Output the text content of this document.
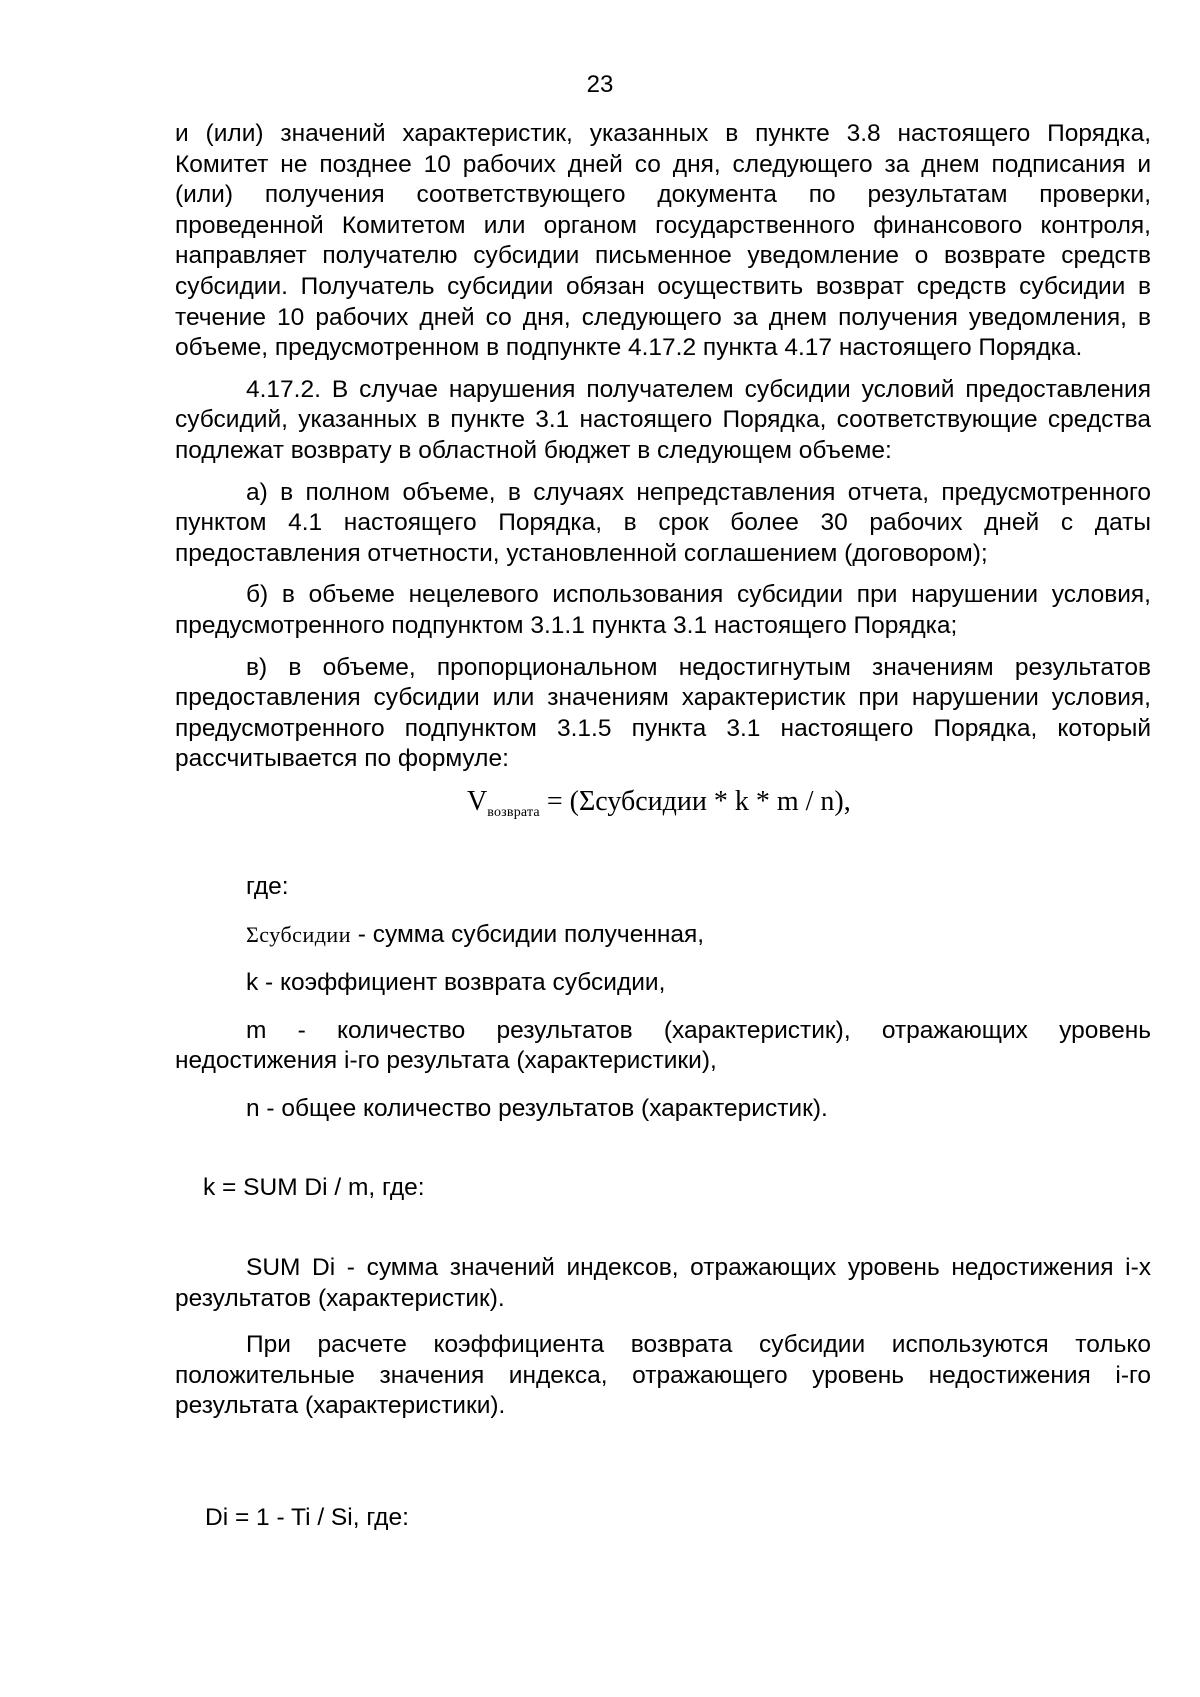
23

и (или) значений характеристик, указанных в пункте 3.8 настоящего Порядка, Комитет не позднее 10 рабочих дней со дня, следующего за днем подписания и (или) получения соответствующего документа по результатам проверки, проведенной Комитетом или органом государственного финансового контроля, направляет получателю субсидии письменное уведомление о возврате средств субсидии. Получатель субсидии обязан осуществить возврат средств субсидии в течение 10 рабочих дней со дня, следующего за днем получения уведомления, в объеме, предусмотренном в подпункте 4.17.2 пункта 4.17 настоящего Порядка.

4.17.2. В случае нарушения получателем субсидии условий предоставления субсидий, указанных в пункте 3.1 настоящего Порядка, соответствующие средства подлежат возврату в областной бюджет в следующем объеме:

а) в полном объеме, в случаях непредставления отчета, предусмотренного пунктом 4.1 настоящего Порядка, в срок более 30 рабочих дней с даты предоставления отчетности, установленной соглашением (договором);

б) в объеме нецелевого использования субсидии при нарушении условия, предусмотренного подпунктом 3.1.1 пункта 3.1 настоящего Порядка;

в) в объеме, пропорциональном недостигнутым значениям результатов предоставления субсидии или значениям характеристик при нарушении условия, предусмотренного подпунктом 3.1.5 пункта 3.1 настоящего Порядка, который рассчитывается по формуле:

$V_{возврата}$ = (Σсубсидии * k * m / n),

где:

Σсубсидии - сумма субсидии полученная,

k - коэффициент возврата субсидии,

m - количество результатов (характеристик), отражающих уровень недостижения i-го результата (характеристики),

n - общее количество результатов (характеристик).

k = SUM Di / m, где:

SUM Di - сумма значений индексов, отражающих уровень недостижения i-х результатов (характеристик).

При расчете коэффициента возврата субсидии используются только положительные значения индекса, отражающего уровень недостижения i-го результата (характеристики).

Di = 1 - Ti / Si, где:
